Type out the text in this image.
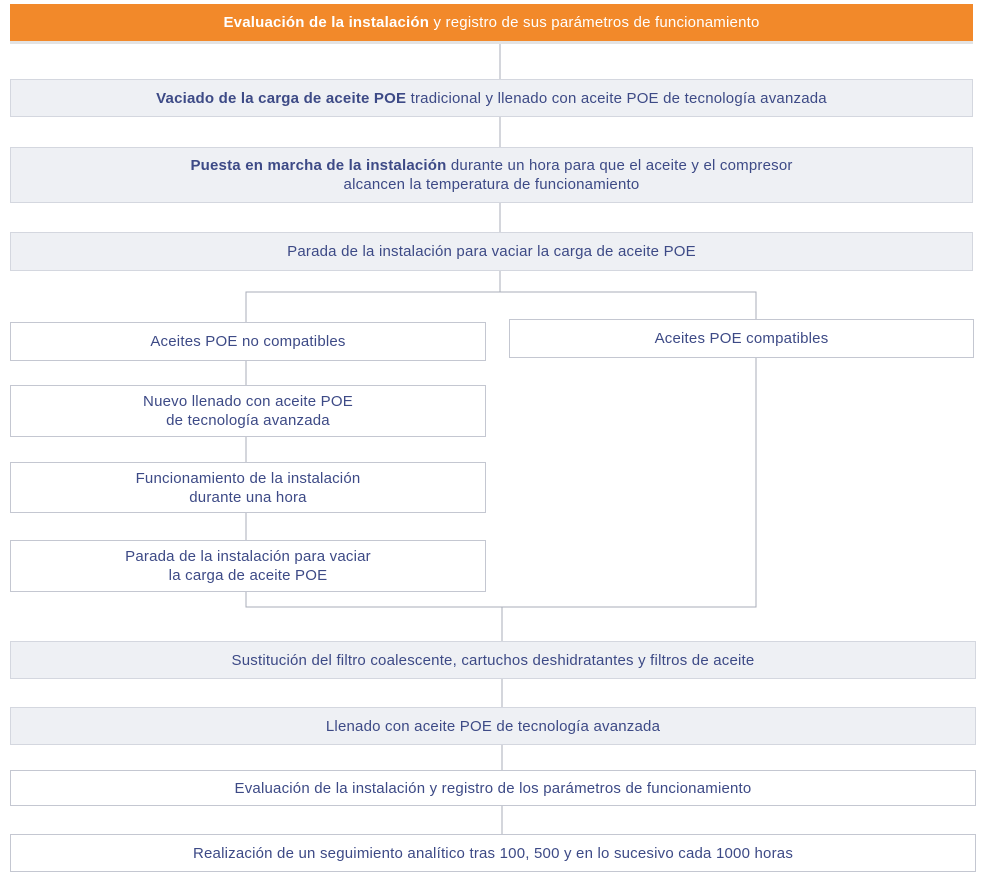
Evaluación de la instalación y registro de sus parámetros de funcionamiento
Vaciado de la carga de aceite POE tradicional y llenado con aceite POE de tecnología avanzada
Puesta en marcha de la instalación durante un hora para que el aceite y el compresor
alcancen la temperatura de funcionamiento
Parada de la instalación para vaciar la carga de aceite POE
Aceites POE no compatibles	Aceites POE compatibles
Nuevo llenado con aceite POE
de tecnología avanzada
Funcionamiento de la instalación
durante una hora
Parada de la instalación para vaciar
la carga de aceite POE
Sustitución del filtro coalescente, cartuchos deshidratantes y filtros de aceite
Llenado con aceite POE de tecnología avanzada
Evaluación de la instalación y registro de los parámetros de funcionamiento
Realización de un seguimiento analítico tras 100, 500 y en lo sucesivo cada 1000 horas
